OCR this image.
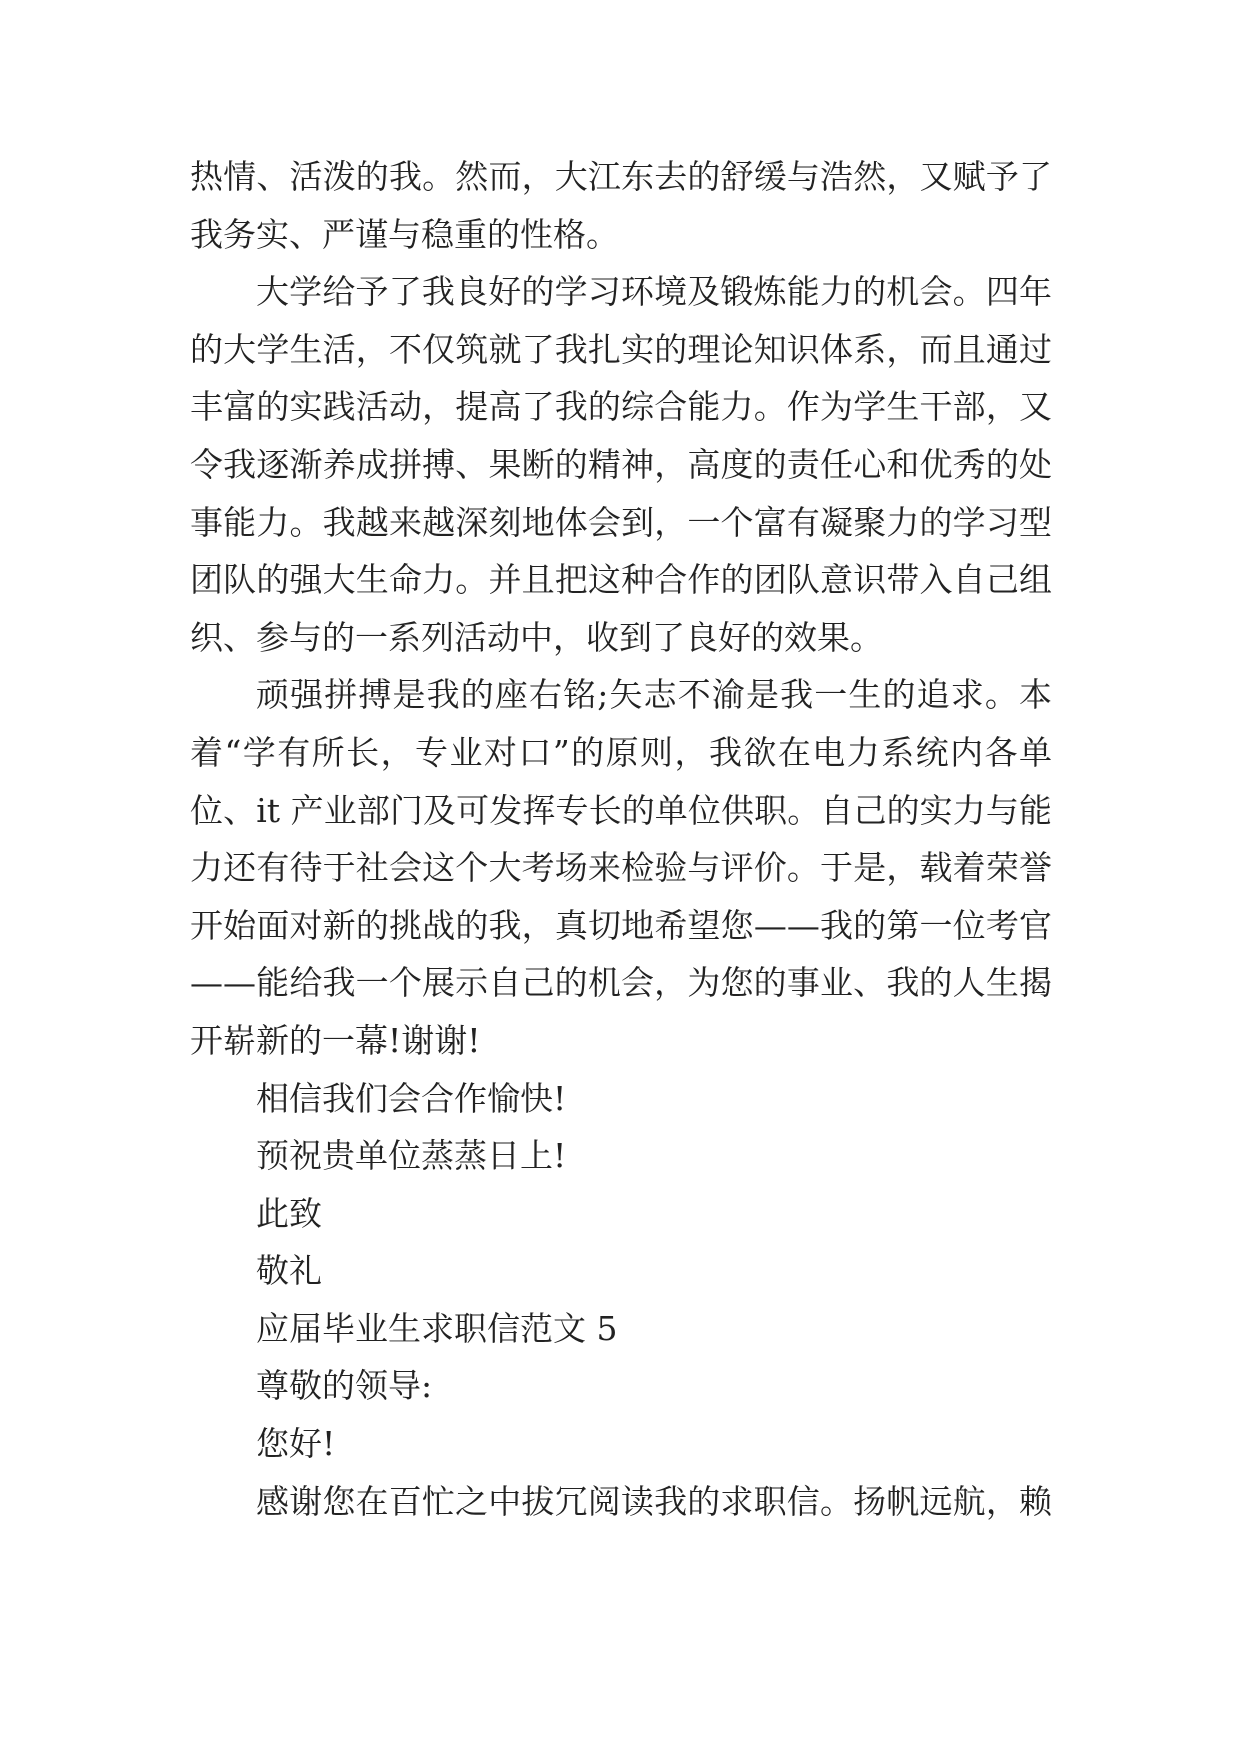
热情、活泼的我。然而，大江东去的舒缓与浩然，又赋予了
我务实、严谨与稳重的性格。

大学给予了我良好的学习环境及锻炼能力的机会。四年
的大学生活，不仅筑就了我扎实的理论知识体系，而且通过
丰富的实践活动，提高了我的综合能力。作为学生干部，又
令我逐渐养成拼搏、果断的精神，高度的责任心和优秀的处
事能力。我越来越深刻地体会到，一个富有凝聚力的学习型
团队的强大生命力。并且把这种合作的团队意识带入自己组
织、参与的一系列活动中，收到了良好的效果。

顽强拼搏是我的座右铭;矢志不渝是我一生的追求。本
着“学有所长，专业对口”的原则，我欲在电力系统内各单
位、it 产业部门及可发挥专长的单位供职。自己的实力与能
力还有待于社会这个大考场来检验与评价。于是，载着荣誉
开始面对新的挑战的我，真切地希望您——我的第一位考官
——能给我一个展示自己的机会，为您的事业、我的人生揭
开崭新的一幕!谢谢!

相信我们会合作愉快!
预祝贵单位蒸蒸日上!
此致
敬礼
应届毕业生求职信范文 5
尊敬的领导:
您好!

感谢您在百忙之中拔冗阅读我的求职信。扬帆远航，赖
